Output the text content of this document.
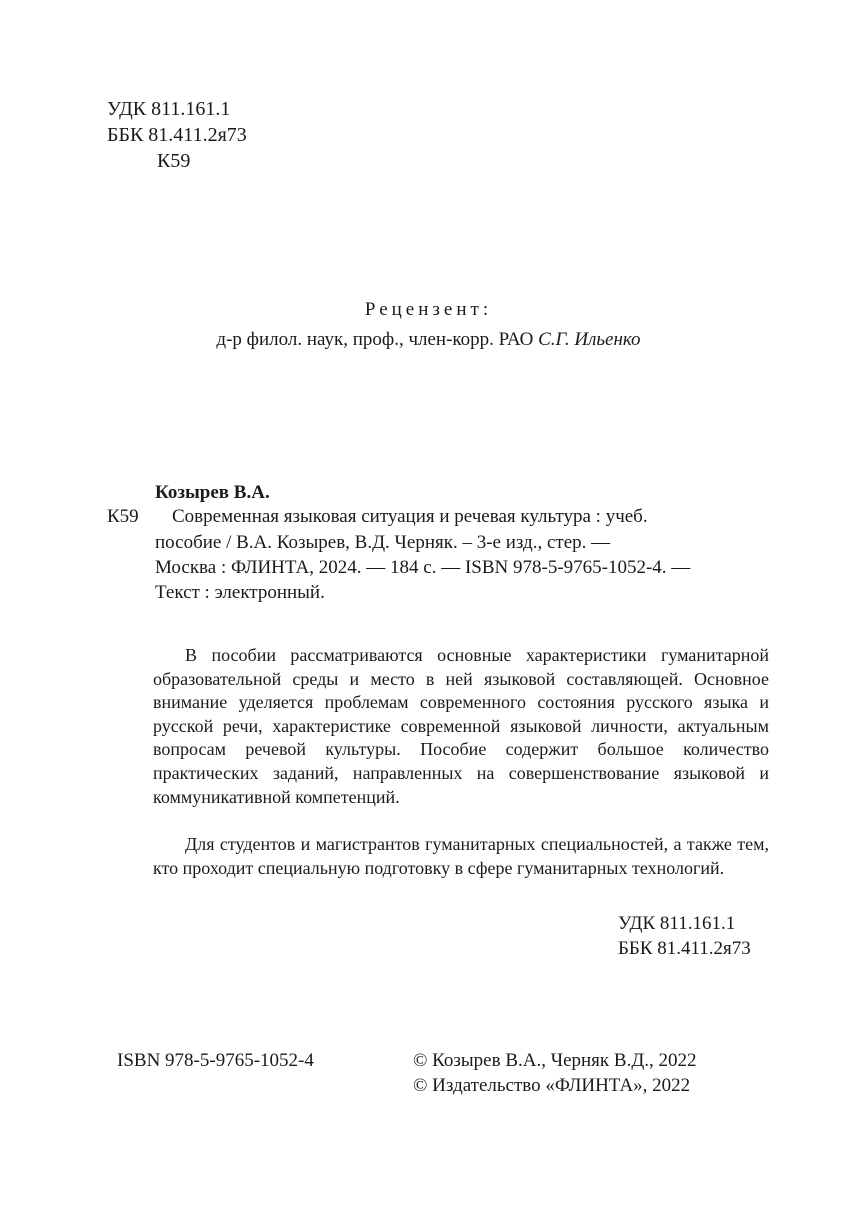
УДК 811.161.1
ББК 81.411.2я73
К59
Рецензент:
д-р филол. наук, проф., член-корр. РАО С.Г. Ильенко
Козырев В.А.
К59 Современная языковая ситуация и речевая культура : учеб.
пособие / В.А. Козырев, В.Д. Черняк. – 3-е изд., стер. —
Москва : ФЛИНТА, 2024. — 184 с. — ISBN 978-5-9765-1052-4. —
Текст : электронный.
В пособии рассматриваются основные характеристики гуманитарной образовательной среды и место в ней языковой составляющей. Основное внимание уделяется проблемам современного состояния русского языка и русской речи, характеристике современной языковой личности, актуальным вопросам речевой культуры. Пособие содержит большое количество практических заданий, направленных на совершенствование языковой и коммуникативной компетенций.
Для студентов и магистрантов гуманитарных специальностей, а также тем, кто проходит специальную подготовку в сфере гуманитарных технологий.
УДК 811.161.1
ББК 81.411.2я73
ISBN 978-5-9765-1052-4	© Козырев В.А., Черняк В.Д., 2022
© Издательство «ФЛИНТА», 2022
